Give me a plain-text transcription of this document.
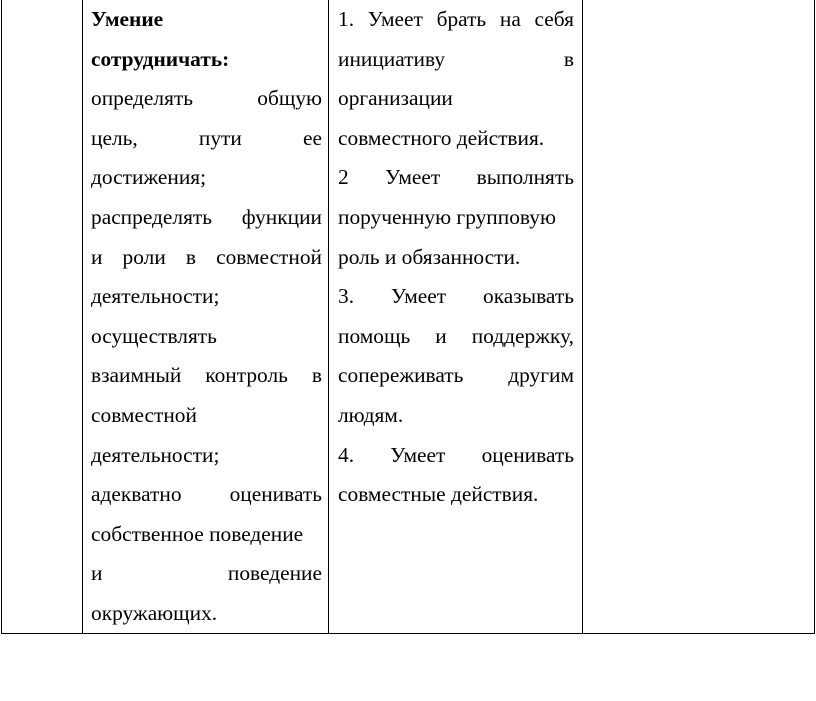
Умение
сотрудничать:
определять	общую
цель,	пути	ее
достижения;
распределять функции
и роли в совместной
деятельности;
осуществлять
взаимный контроль в
совместной
деятельности;
адекватно оценивать
собственное поведение
и	поведение
окружающих.
1. Умеет брать на себя
инициативу	в
организации
совместного действия.
2 Умеет выполнять
порученную групповую
роль и обязанности.
3. Умеет оказывать
помощь и поддержку,
сопереживать другим
людям.
4. Умеет оценивать
совместные действия.
